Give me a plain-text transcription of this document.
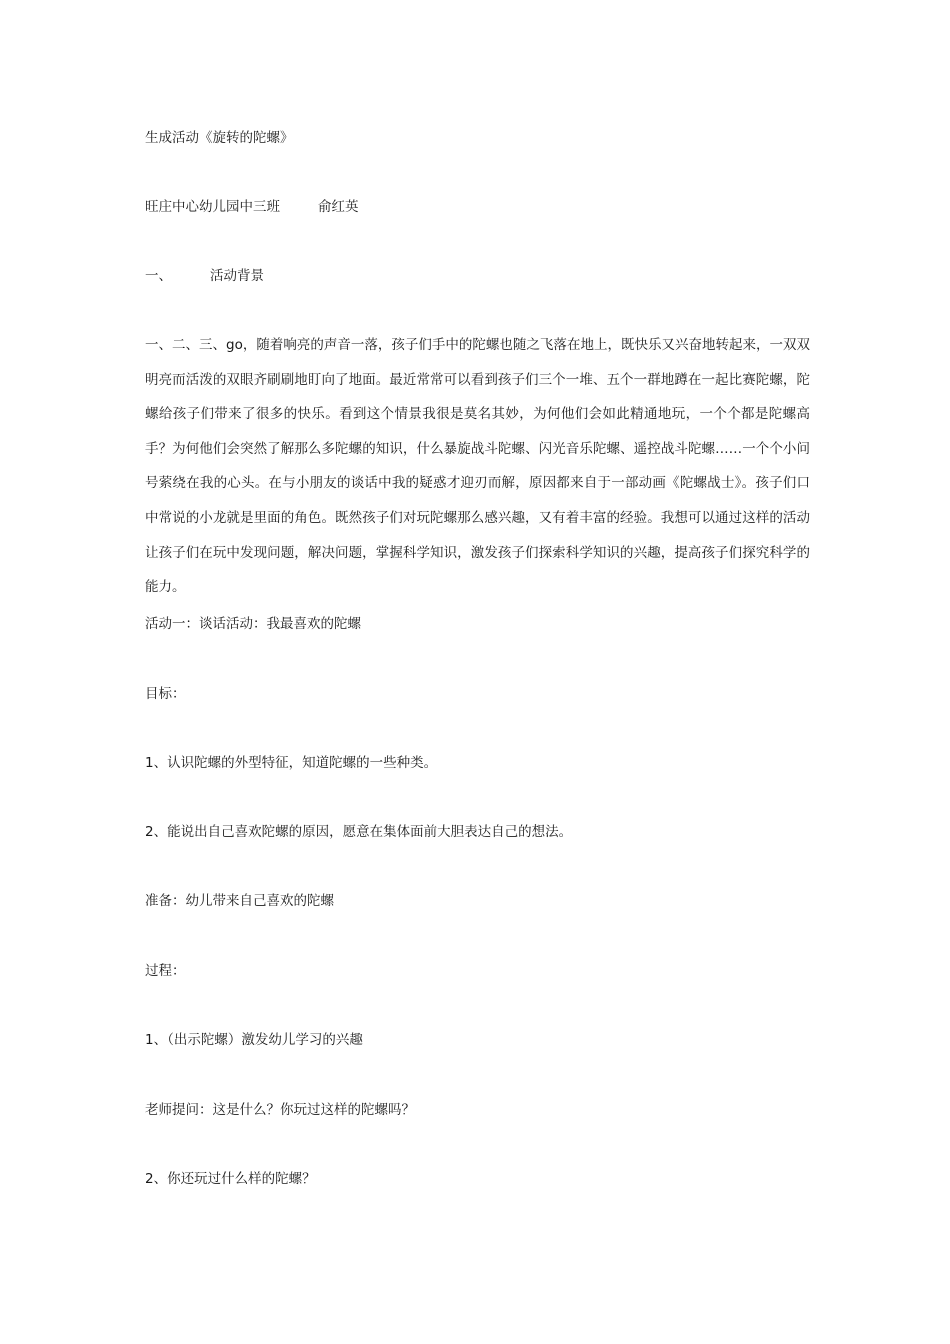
生成活动《旋转的陀螺》
旺庄中心幼儿园中三班	俞红英
一、	活动背景
一、二、三、go，随着响亮的声音一落，孩子们手中的陀螺也随之飞落在地上，既快乐又兴奋地转起来，一双双明亮而活泼的双眼齐刷刷地盯向了地面。最近常常可以看到孩子们三个一堆、五个一群地蹲在一起比赛陀螺，陀螺给孩子们带来了很多的快乐。看到这个情景我很是莫名其妙，为何他们会如此精通地玩，一个个都是陀螺高手？为何他们会突然了解那么多陀螺的知识，什么暴旋战斗陀螺、闪光音乐陀螺、遥控战斗陀螺……一个个小问号萦绕在我的心头。在与小朋友的谈话中我的疑惑才迎刃而解，原因都来自于一部动画《陀螺战士》。孩子们口中常说的小龙就是里面的角色。既然孩子们对玩陀螺那么感兴趣，又有着丰富的经验。我想可以通过这样的活动让孩子们在玩中发现问题，解决问题，掌握科学知识，激发孩子们探索科学知识的兴趣，提高孩子们探究科学的能力。
活动一：谈话活动：我最喜欢的陀螺
目标：
1、认识陀螺的外型特征，知道陀螺的一些种类。
2、能说出自己喜欢陀螺的原因，愿意在集体面前大胆表达自己的想法。
准备：幼儿带来自己喜欢的陀螺
过程：
1、（出示陀螺）激发幼儿学习的兴趣
老师提问：这是什么？你玩过这样的陀螺吗？
2、你还玩过什么样的陀螺？
